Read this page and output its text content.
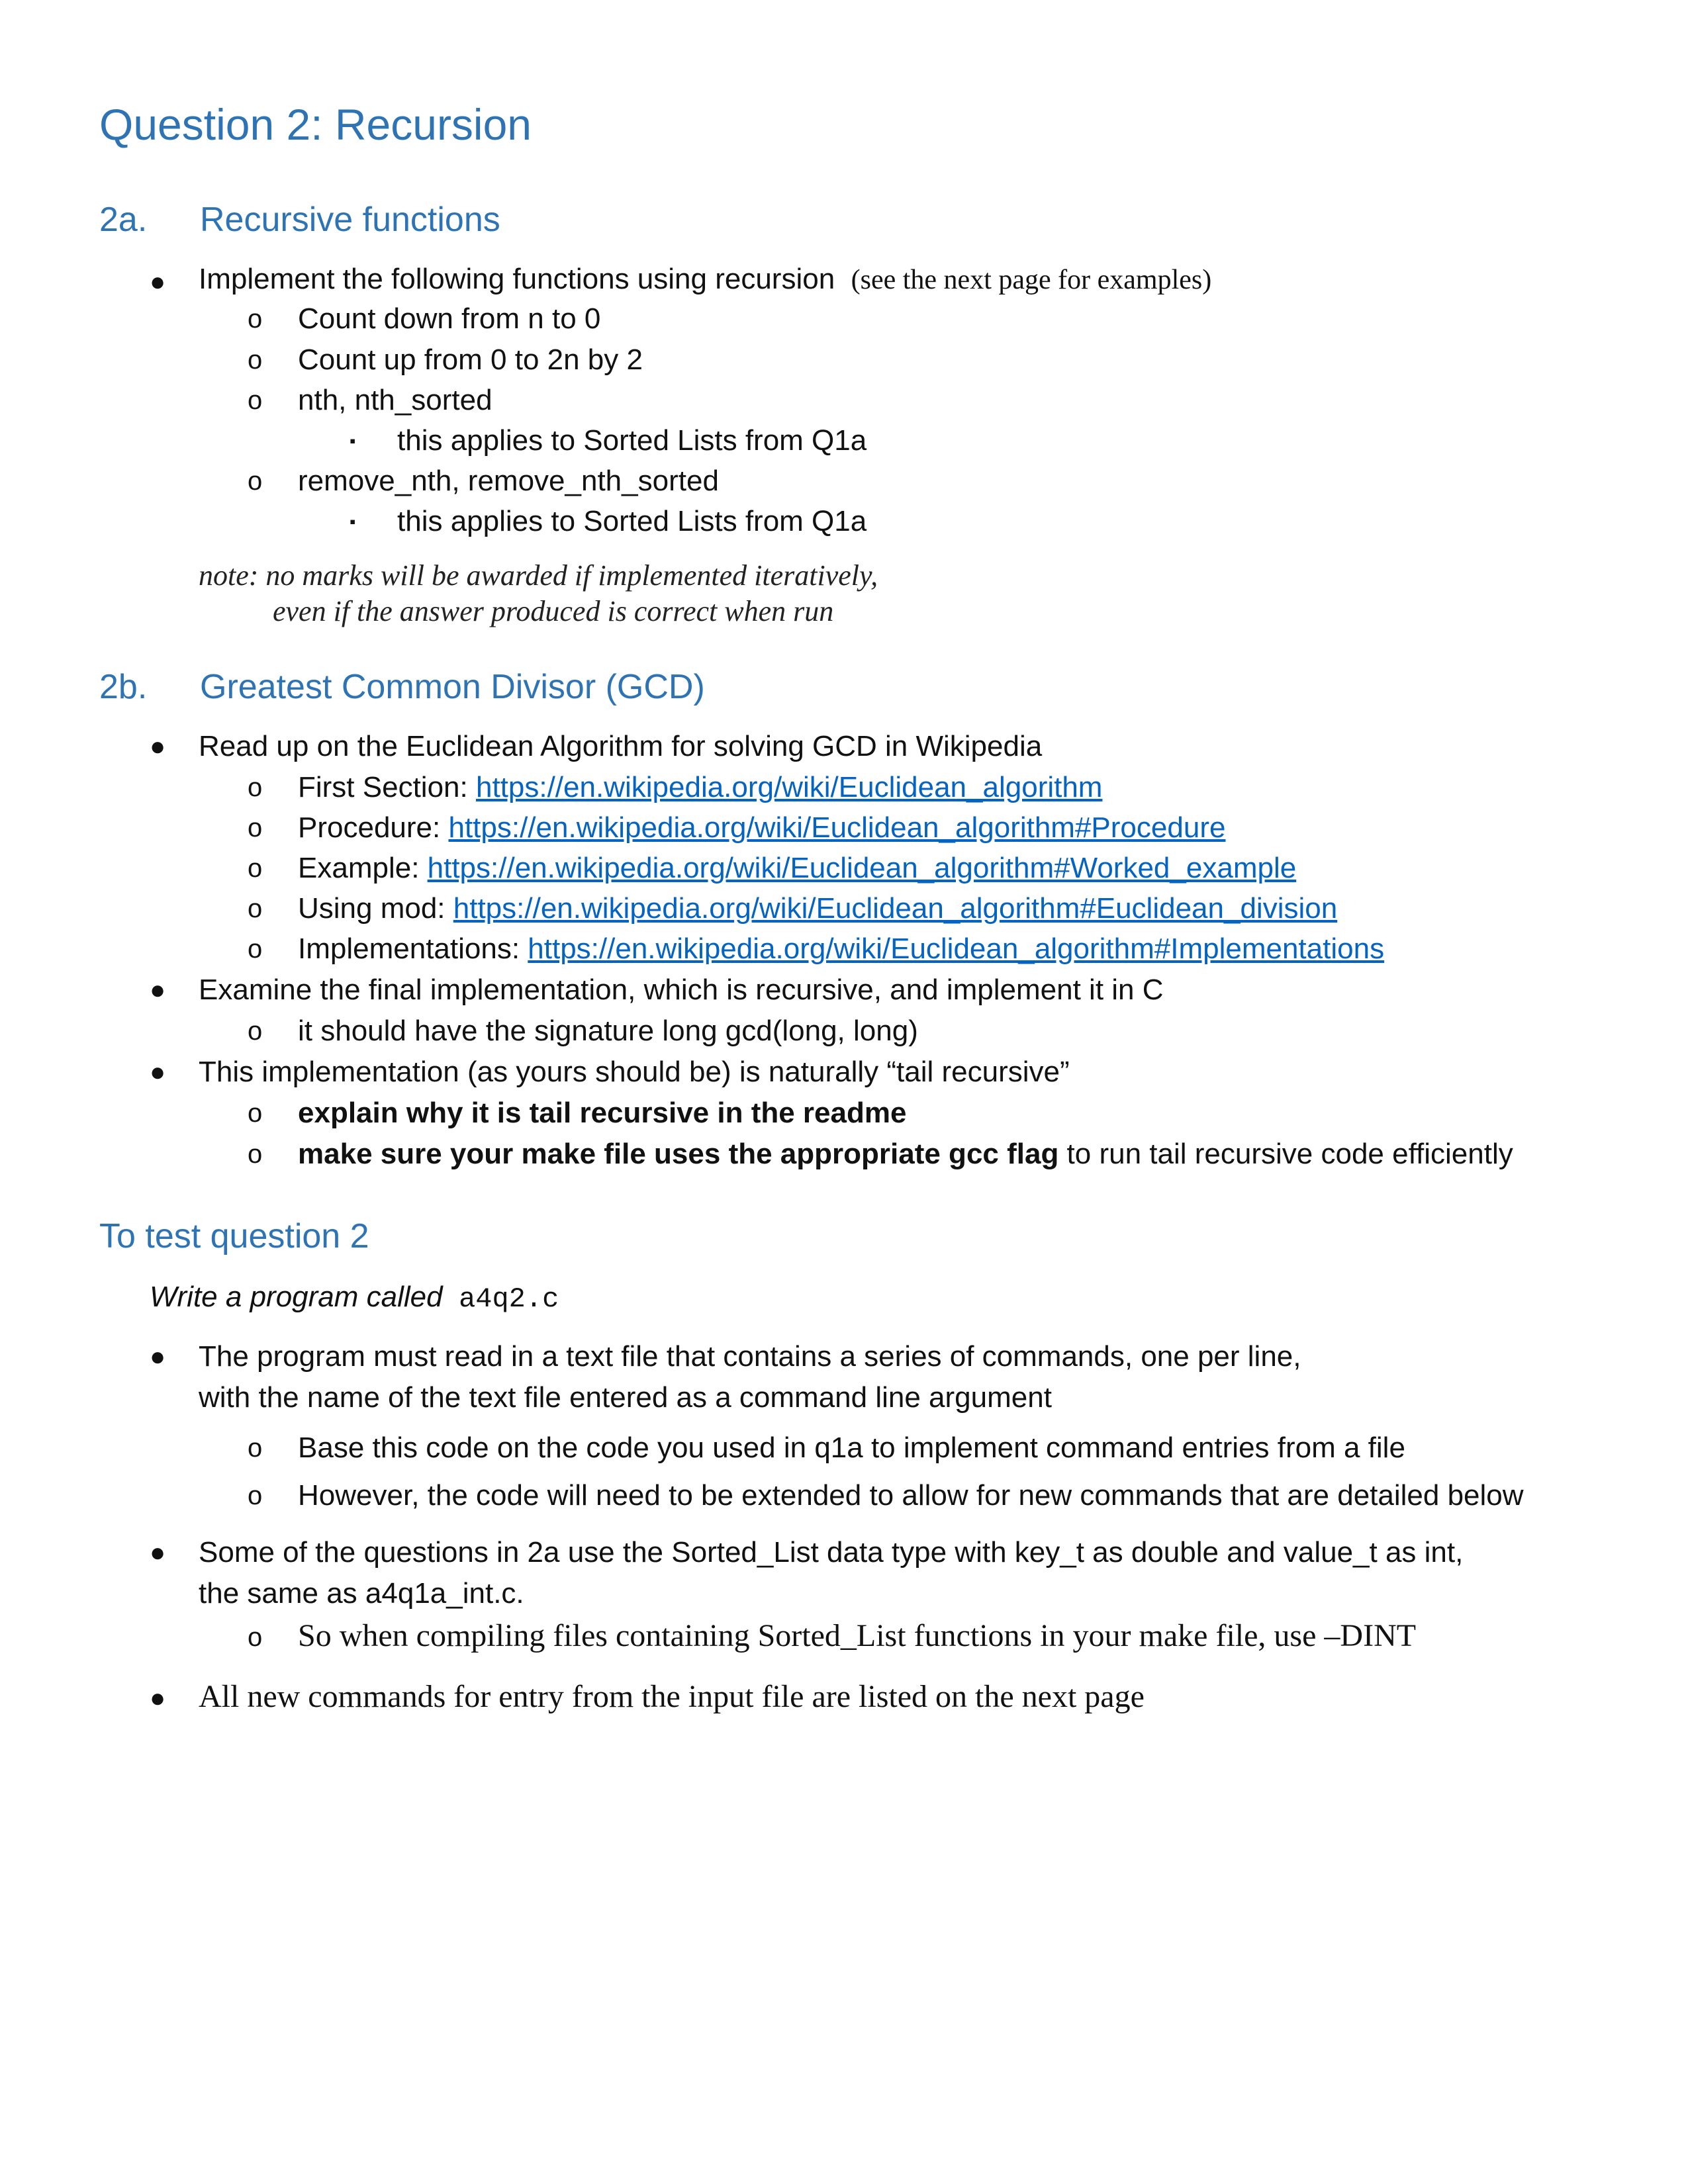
Question 2: Recursion
2a. Recursive functions
● Implement the following functions using recursion (see the next page for examples)

o Count down from n to 0

o Count up from 0 to 2n by 2

o nth, nth_sorted

▪ this applies to Sorted Lists from Q1a

o remove_nth, remove_nth_sorted

▪ this applies to Sorted Lists from Q1a

note: no marks will be awarded if implemented iteratively,

even if the answer produced is correct when run

2b. Greatest Common Divisor (GCD)
● Read up on the Euclidean Algorithm for solving GCD in Wikipedia

o First Section: https://en.wikipedia.org/wiki/Euclidean_algorithm

o Procedure: https://en.wikipedia.org/wiki/Euclidean_algorithm#Procedure

o Example: https://en.wikipedia.org/wiki/Euclidean_algorithm#Worked_example

o Using mod: https://en.wikipedia.org/wiki/Euclidean_algorithm#Euclidean_division

o Implementations: https://en.wikipedia.org/wiki/Euclidean_algorithm#Implementations

● Examine the final implementation, which is recursive, and implement it in C

o it should have the signature long gcd(long, long)

● This implementation (as yours should be) is naturally “tail recursive”

o explain why it is tail recursive in the readme

o make sure your make file uses the appropriate gcc flag to run tail recursive code efficiently

To test question 2

Write a program called a4q2.c

● The program must read in a text file that contains a series of commands, one per line,

with the name of the text file entered as a command line argument

o Base this code on the code you used in q1a to implement command entries from a file

o However, the code will need to be extended to allow for new commands that are detailed below

● Some of the questions in 2a use the Sorted_List data type with key_t as double and value_t as int,

the same as a4q1a_int.c.

o So when compiling files containing Sorted_List functions in your make file, use –DINT

● All new commands for entry from the input file are listed on the next page
